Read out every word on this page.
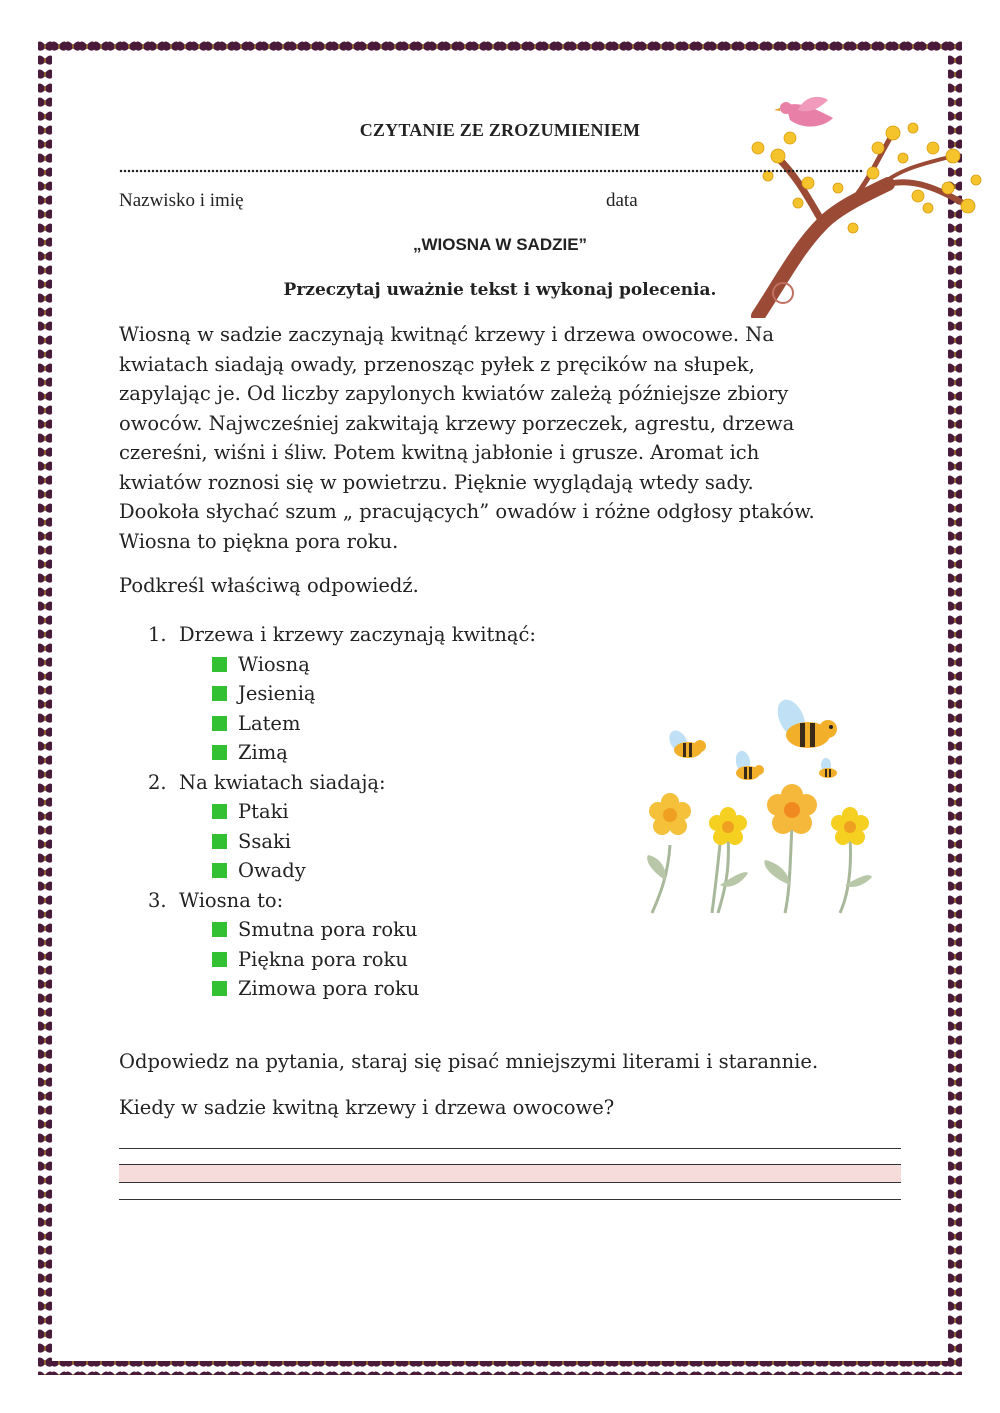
CZYTANIE ZE ZROZUMIENIEM
Nazwisko i imię	data
„WIOSNA W SADZIE”
Przeczytaj uważnie tekst i wykonaj polecenia.
Wiosną w sadzie zaczynają kwitnąć krzewy i drzewa owocowe. Na
kwiatach siadają owady, przenosząc pyłek z pręcików na słupek,
zapylając je. Od liczby zapylonych kwiatów zależą późniejsze zbiory
owoców. Najwcześniej zakwitają krzewy porzeczek, agrestu, drzewa
czereśni, wiśni i śliw. Potem kwitną jabłonie i grusze. Aromat ich
kwiatów roznosi się w powietrzu. Pięknie wyglądają wtedy sady.
Dookoła słychać szum „ pracujących” owadów i różne odgłosy ptaków.
Wiosna to piękna pora roku.
Podkreśl właściwą odpowiedź.
1. Drzewa i krzewy zaczynają kwitnąć:
Wiosną
Jesienią
Latem
Zimą
2. Na kwiatach siadają:
Ptaki
Ssaki
Owady
3. Wiosna to:
Smutna pora roku
Piękna pora roku
Zimowa pora roku
Odpowiedz na pytania, staraj się pisać mniejszymi literami i starannie.
Kiedy w sadzie kwitną krzewy i drzewa owocowe?
